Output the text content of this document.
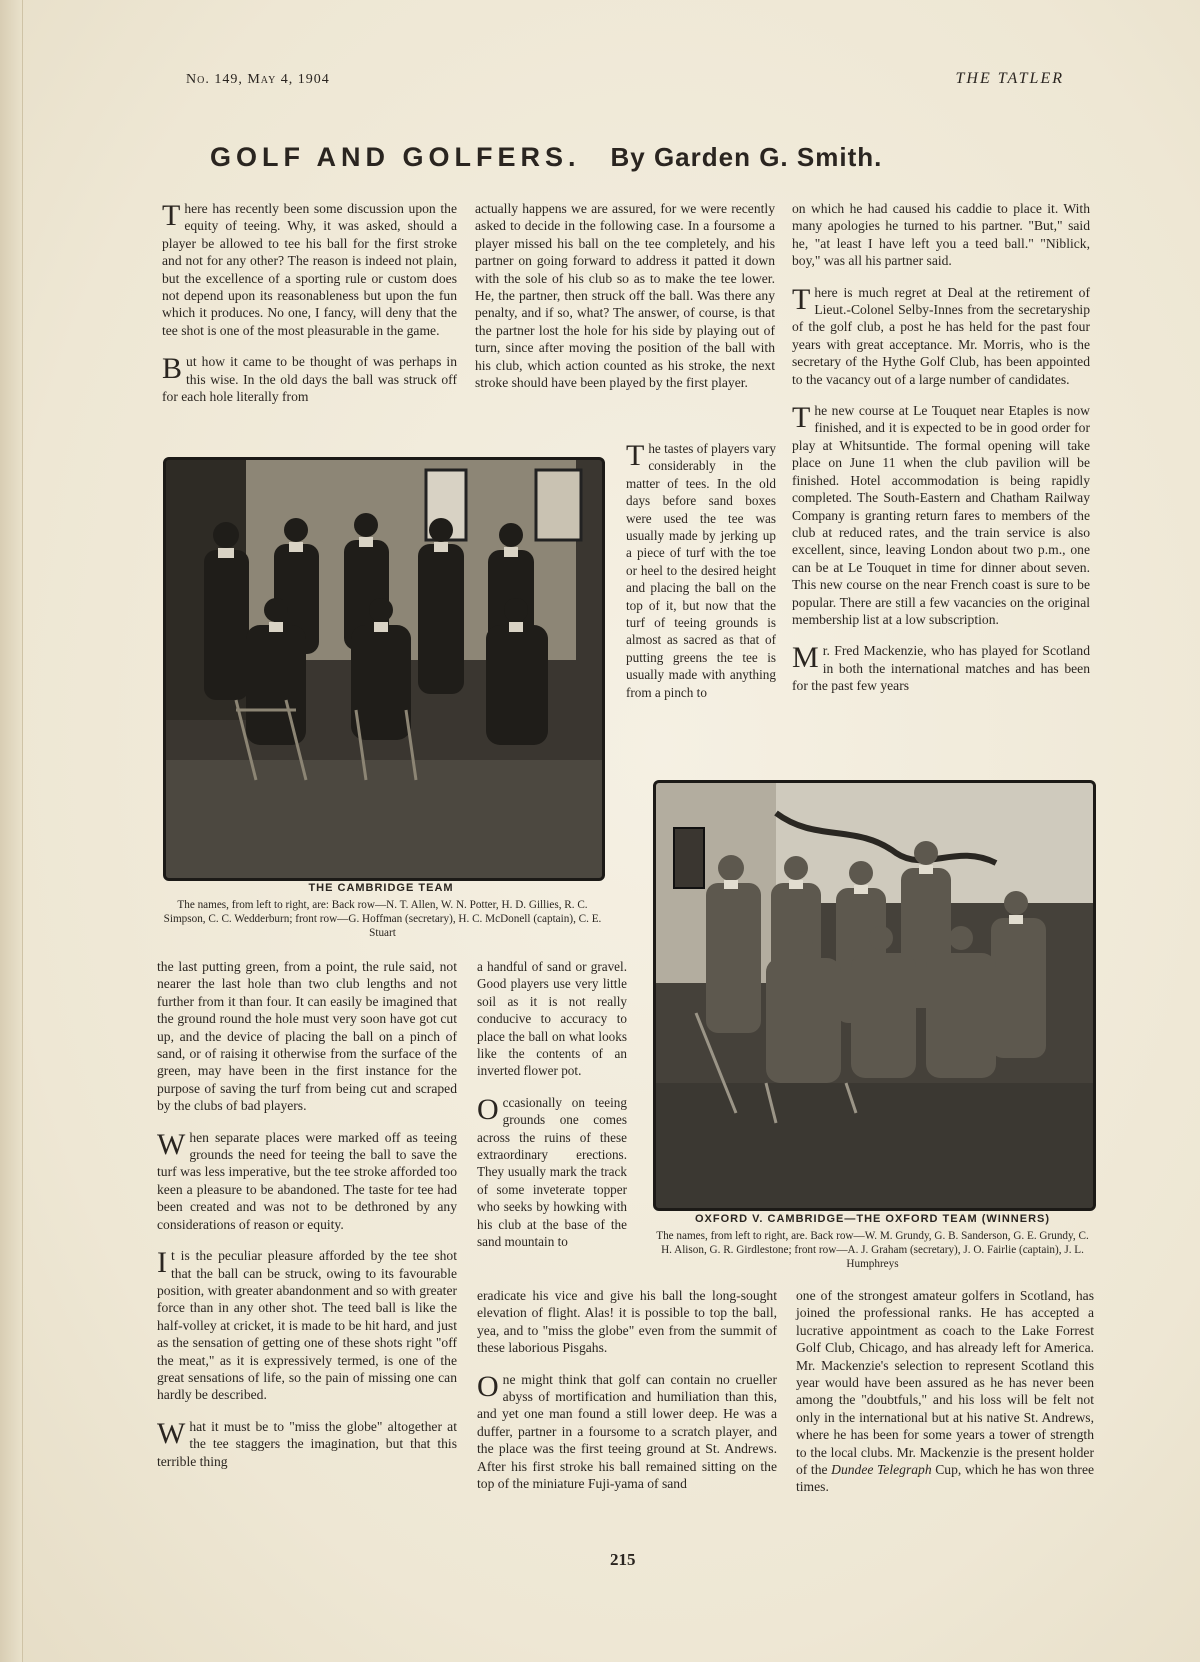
No. 149, May 4, 1904	THE TATLER
GOLF AND GOLFERS. By Garden G. Smith.

There has recently been some discussion upon the equity of teeing. Why, it was asked, should a player be allowed to tee his ball for the first stroke and not for any other? The reason is indeed not plain, but the excellence of a sporting rule or custom does not depend upon its reasonableness but upon the fun which it produces. No one, I fancy, will deny that the tee shot is one of the most pleasurable in the game.

But how it came to be thought of was perhaps in this wise. In the old days the ball was struck off for each hole literally from

actually happens we are assured, for we were recently asked to decide in the following case. In a foursome a player missed his ball on the tee completely, and his partner on going forward to address it patted it down with the sole of his club so as to make the tee lower. He, the partner, then struck off the ball. Was there any penalty, and if so, what? The answer, of course, is that the partner lost the hole for his side by playing out of turn, since after moving the position of the ball with his club, which action counted as his stroke, the next stroke should have been played by the first player.

on which he had caused his caddie to place it. With many apologies he turned to his partner. "But," said he, "at least I have left you a teed ball." "Niblick, boy," was all his partner said.

There is much regret at Deal at the retirement of Lieut.-Colonel Selby-Innes from the secretaryship of the golf club, a post he has held for the past four years with great acceptance. Mr. Morris, who is the secretary of the Hythe Golf Club, has been appointed to the vacancy out of a large number of candidates.

The new course at Le Touquet near Etaples is now finished, and it is expected to be in good order for play at Whitsuntide. The formal opening will take place on June 11 when the club pavilion will be finished. Hotel accommodation is being rapidly completed. The South-Eastern and Chatham Railway Company is granting return fares to members of the club at reduced rates, and the train service is also excellent, since, leaving London about two p.m., one can be at Le Touquet in time for dinner about seven. This new course on the near French coast is sure to be popular. There are still a few vacancies on the original membership list at a low subscription.

Mr. Fred Mackenzie, who has played for Scotland in both the international matches and has been for the past few years

The tastes of players vary considerably in the matter of tees. In the old days before sand boxes were used the tee was usually made by jerking up a piece of turf with the toe or heel to the desired height and placing the ball on the top of it, but now that the turf of teeing grounds is almost as sacred as that of putting greens the tee is usually made with anything from a pinch to

THE CAMBRIDGE TEAM
The names, from left to right, are: Back row—N. T. Allen, W. N. Potter, H. D. Gillies, R. C. Simpson, C. C. Wedderburn; front row—G. Hoffman (secretary), H. C. McDonell (captain), C. E. Stuart
OXFORD V. CAMBRIDGE—THE OXFORD TEAM (WINNERS)
The names, from left to right, are. Back row—W. M. Grundy, G. B. Sanderson, G. E. Grundy, C. H. Alison, G. R. Girdlestone; front row—A. J. Graham (secretary), J. O. Fairlie (captain), J. L. Humphreys

the last putting green, from a point, the rule said, not nearer the last hole than two club lengths and not further from it than four. It can easily be imagined that the ground round the hole must very soon have got cut up, and the device of placing the ball on a pinch of sand, or of raising it otherwise from the surface of the green, may have been in the first instance for the purpose of saving the turf from being cut and scraped by the clubs of bad players.

When separate places were marked off as teeing grounds the need for teeing the ball to save the turf was less imperative, but the tee stroke afforded too keen a pleasure to be abandoned. The taste for tee had been created and was not to be dethroned by any considerations of reason or equity.

It is the peculiar pleasure afforded by the tee shot that the ball can be struck, owing to its favourable position, with greater abandonment and so with greater force than in any other shot. The teed ball is like the half-volley at cricket, it is made to be hit hard, and just as the sensation of getting one of these shots right "off the meat," as it is expressively termed, is one of the great sensations of life, so the pain of missing one can hardly be described.

What it must be to "miss the globe" altogether at the tee staggers the imagination, but that this terrible thing

a handful of sand or gravel. Good players use very little soil as it is not really conducive to accuracy to place the ball on what looks like the contents of an inverted flower pot.

Occasionally on teeing grounds one comes across the ruins of these extraordinary erections. They usually mark the track of some inveterate topper who seeks by howking with his club at the base of the sand mountain to

eradicate his vice and give his ball the long-sought elevation of flight. Alas! it is possible to top the ball, yea, and to "miss the globe" even from the summit of these laborious Pisgahs.

One might think that golf can contain no crueller abyss of mortification and humiliation than this, and yet one man found a still lower deep. He was a duffer, partner in a foursome to a scratch player, and the place was the first teeing ground at St. Andrews. After his first stroke his ball remained sitting on the top of the miniature Fuji-yama of sand

one of the strongest amateur golfers in Scotland, has joined the professional ranks. He has accepted a lucrative appointment as coach to the Lake Forrest Golf Club, Chicago, and has already left for America. Mr. Mackenzie's selection to represent Scotland this year would have been assured as he has never been among the "doubtfuls," and his loss will be felt not only in the international but at his native St. Andrews, where he has been for some years a tower of strength to the local clubs. Mr. Mackenzie is the present holder of the Dundee Telegraph Cup, which he has won three times.

215
